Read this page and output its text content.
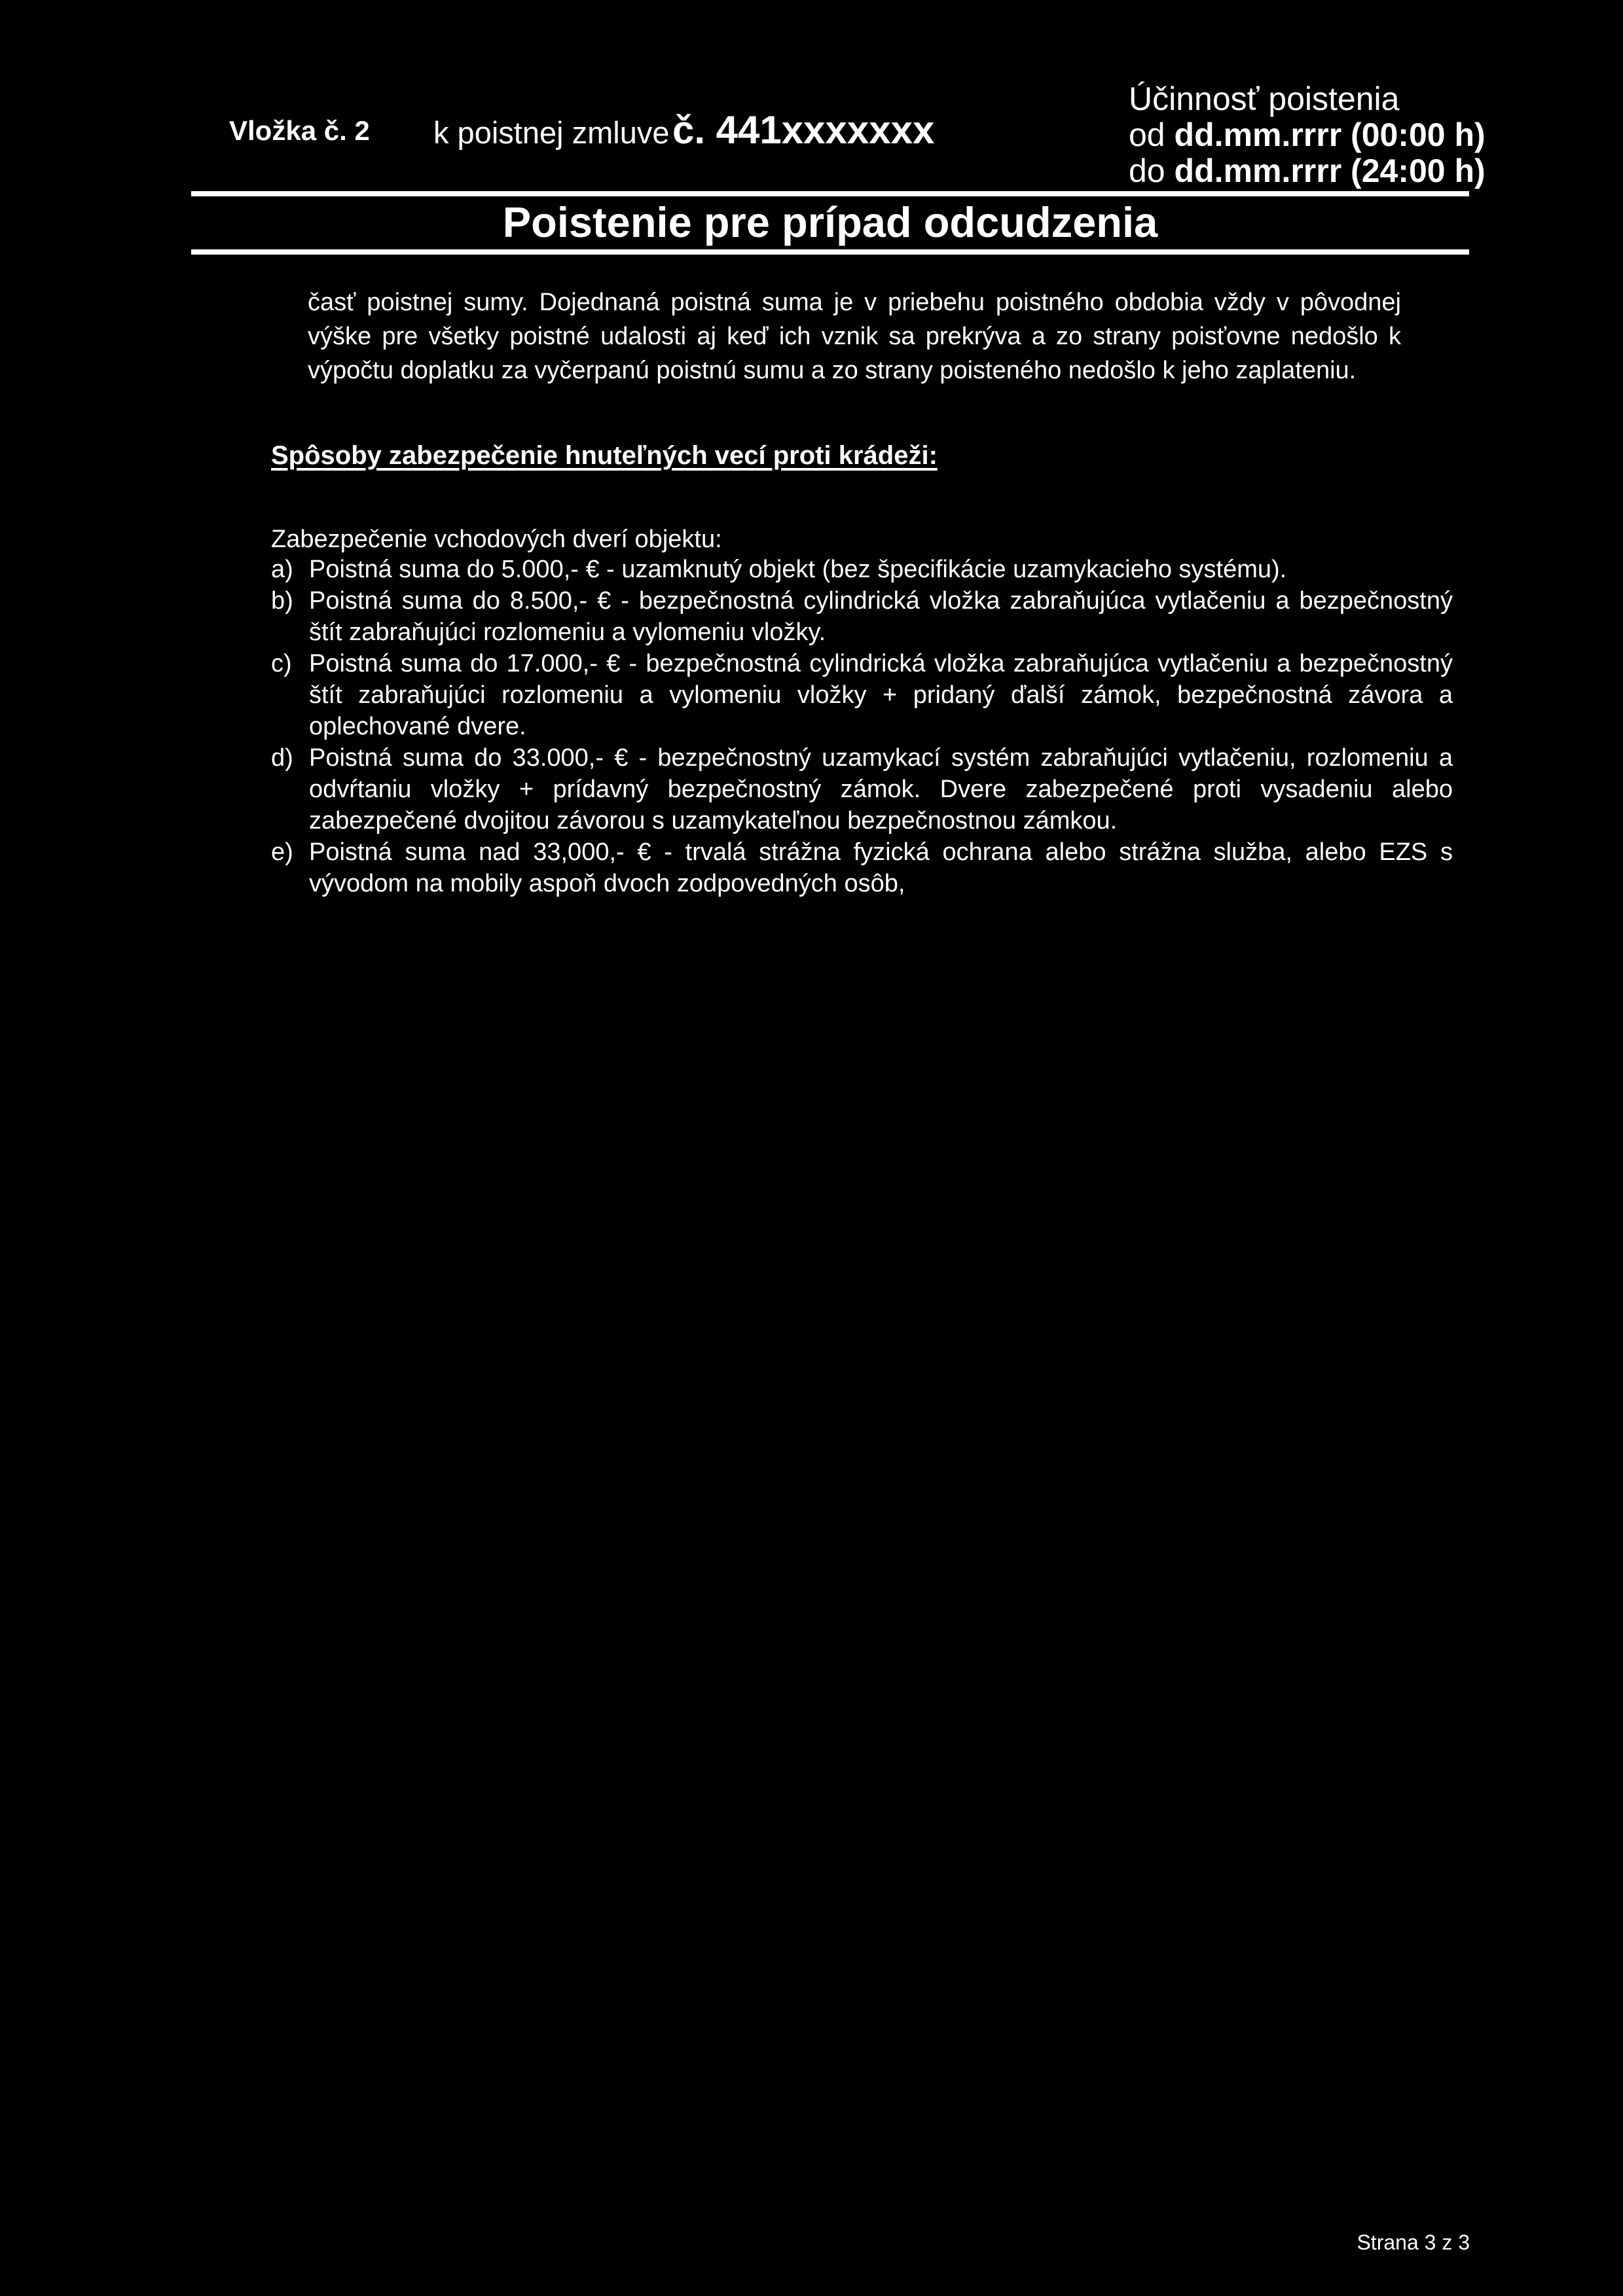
Vložka č. 2 k poistnej zmluve č. 441xxxxxxx
Účinnosť poistenia
od dd.mm.rrrr (00:00 h)
do dd.mm.rrrr (24:00 h)
Poistenie pre prípad odcudzenia
časť poistnej sumy. Dojednaná poistná suma je v priebehu poistného obdobia vždy v pôvodnej výške pre všetky poistné udalosti aj keď ich vznik sa prekrýva a zo strany poisťovne nedošlo k výpočtu doplatku za vyčerpanú poistnú sumu a zo strany poisteného nedošlo k jeho zaplateniu.
Spôsoby zabezpečenie hnuteľných vecí proti krádeži:
Zabezpečenie vchodových dverí objektu:
a) Poistná suma do 5.000,- € - uzamknutý objekt (bez špecifikácie uzamykacieho systému).
b) Poistná suma do 8.500,- € - bezpečnostná cylindrická vložka zabraňujúca vytlačeniu a bezpečnostný štít zabraňujúci rozlomeniu a vylomeniu vložky.
c) Poistná suma do 17.000,- € - bezpečnostná cylindrická vložka zabraňujúca vytlačeniu a bezpečnostný štít zabraňujúci rozlomeniu a vylomeniu vložky + pridaný ďalší zámok, bezpečnostná závora a oplechované dvere.
d) Poistná suma do 33.000,- € - bezpečnostný uzamykací systém zabraňujúci vytlačeniu, rozlomeniu a odvŕtaniu vložky + prídavný bezpečnostný zámok. Dvere zabezpečené proti vysadeniu alebo zabezpečené dvojitou závorou s uzamykateľnou bezpečnostnou zámkou.
e) Poistná suma nad 33,000,- € - trvalá strážna fyzická ochrana alebo strážna služba, alebo EZS s vývodom na mobily aspoň dvoch zodpovedných osôb,
Strana 3 z 3
